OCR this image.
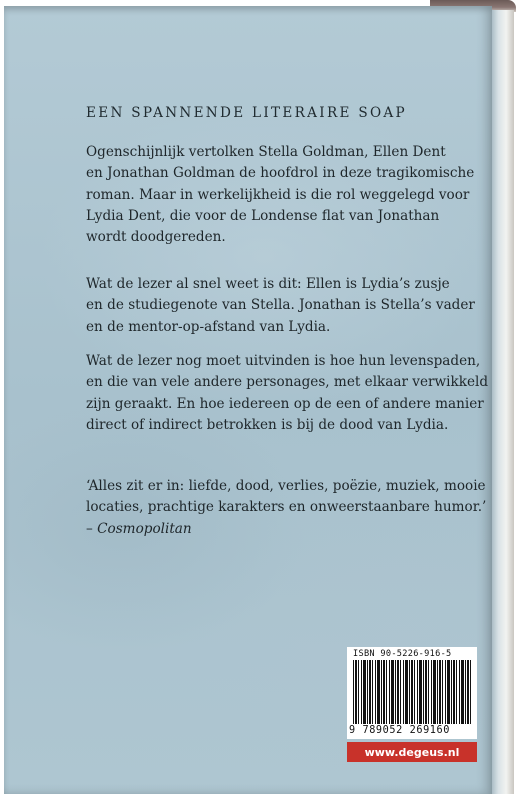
EEN SPANNENDE LITERAIRE SOAP

Ogenschijnlijk vertolken Stella Goldman, Ellen Dent
en Jonathan Goldman de hoofdrol in deze tragikomische
roman. Maar in werkelijkheid is die rol weggelegd voor
Lydia Dent, die voor de Londense flat van Jonathan
wordt doodgereden.

Wat de lezer al snel weet is dit: Ellen is Lydia’s zusje
en de studiegenote van Stella. Jonathan is Stella’s vader
en de mentor-op-afstand van Lydia.

Wat de lezer nog moet uitvinden is hoe hun levenspaden,
en die van vele andere personages, met elkaar verwikkeld
zijn geraakt. En hoe iedereen op de een of andere manier
direct of indirect betrokken is bij de dood van Lydia.

‘Alles zit er in: liefde, dood, verlies, poëzie, muziek, mooie
locaties, prachtige karakters en onweerstaanbare humor.’
– Cosmopolitan

ISBN 90-5226-916-5
9 789052 269160
www.degeus.nl
